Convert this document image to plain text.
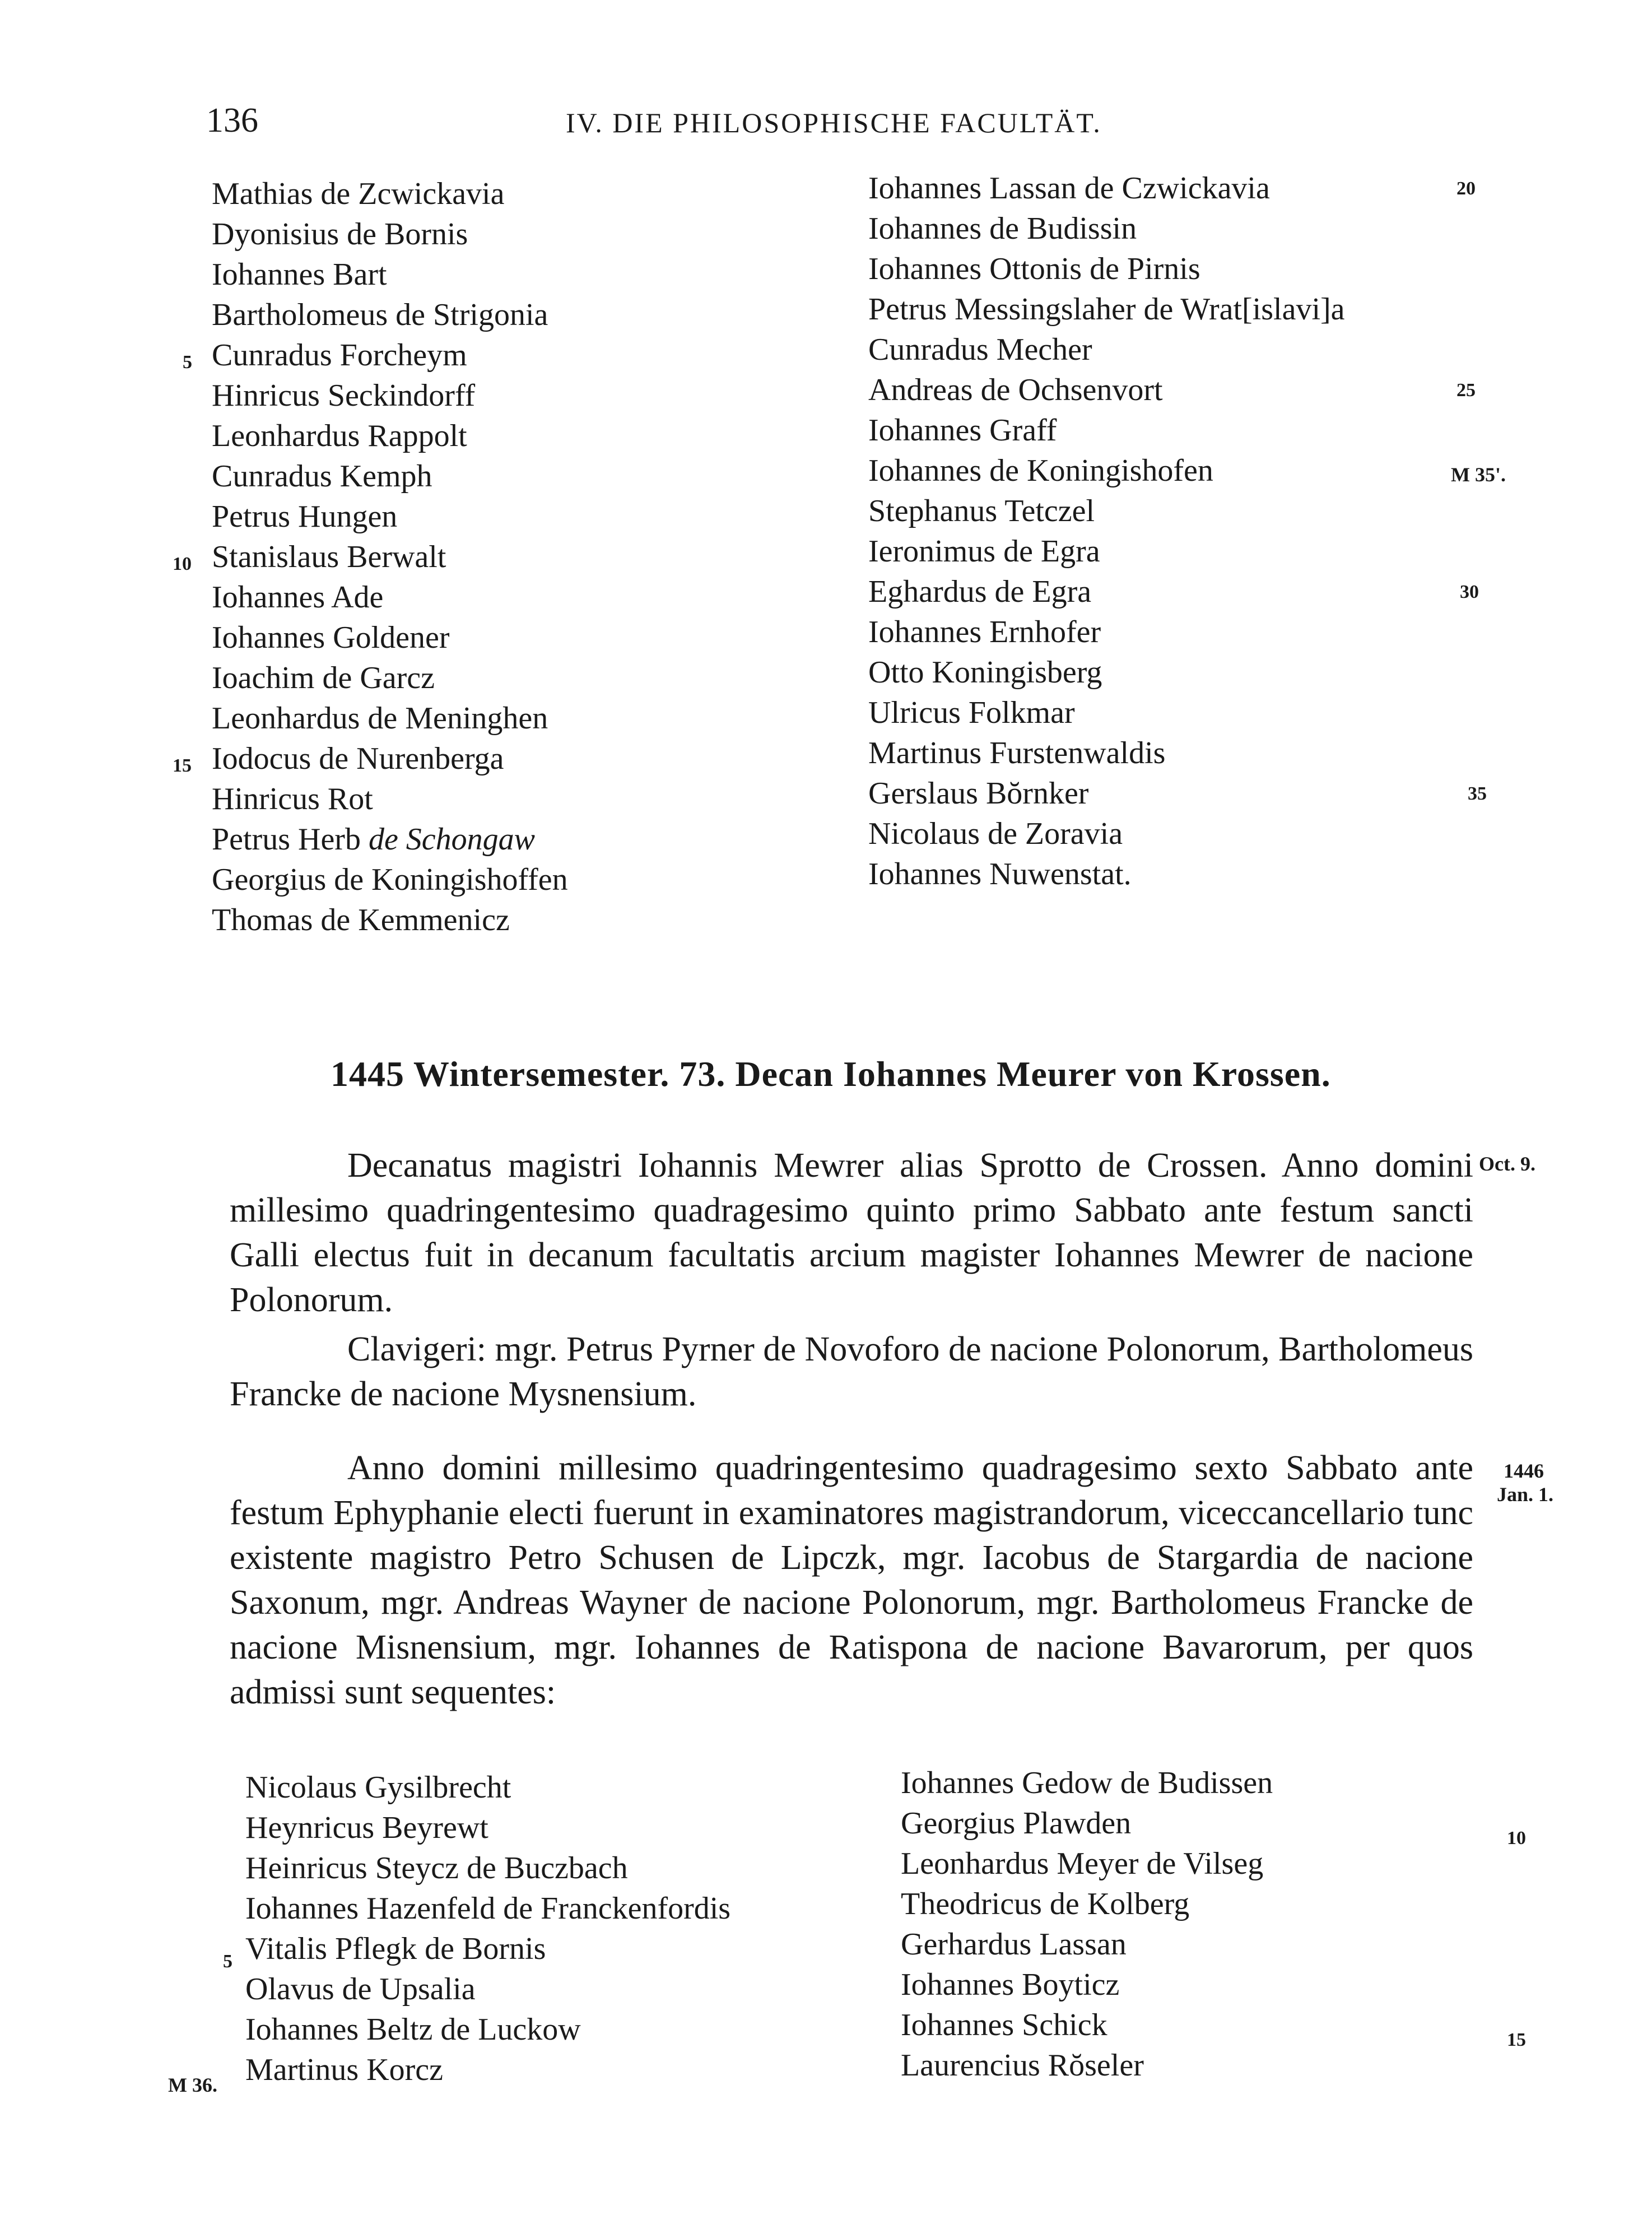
136	IV. DIE PHILOSOPHISCHE FACULTÄT.
Mathias de Zcwickavia
Dyonisius de Bornis
Iohannes Bart
Bartholomeus de Strigonia
Cunradus Forcheym
Hinricus Seckindorff
Leonhardus Rappolt
Cunradus Kemph
Petrus Hungen
Stanislaus Berwalt
Iohannes Ade
Iohannes Goldener
Ioachim de Garcz
Leonhardus de Meninghen
Iodocus de Nurenberga
Hinricus Rot
Petrus Herb de Schongaw
Georgius de Koningishoffen
Thomas de Kemmenicz
5
10
15
Iohannes Lassan de Czwickavia
Iohannes de Budissin
Iohannes Ottonis de Pirnis
Petrus Messingslaher de Wrat[islavi]a
Cunradus Mecher
Andreas de Ochsenvort
Iohannes Graff
Iohannes de Koningishofen
Stephanus Tetczel
Ieronimus de Egra
Eghardus de Egra
Iohannes Ernhofer
Otto Koningisberg
Ulricus Folkmar
Martinus Furstenwaldis
Gerslaus Bŏrnker
Nicolaus de Zoravia
Iohannes Nuwenstat.
20
25
30
35
M 35'.
1445 Wintersemester. 73. Decan Iohannes Meurer von Krossen.

Decanatus magistri Iohannis Mewrer alias Sprotto de Crossen. Anno domini millesimo quadringentesimo quadragesimo quinto primo Sabbato ante festum sancti Galli electus fuit in decanum facultatis arcium magister Iohannes Mewrer de nacione Polonorum.

Oct. 9.

Clavigeri: mgr. Petrus Pyrner de Novoforo de nacione Polonorum, Bartholomeus Francke de nacione Mysnensium.

Anno domini millesimo quadringentesimo quadragesimo sexto Sabbato ante festum Ephyphanie electi fuerunt in examinatores magistrandorum, viceccancellario tunc existente magistro Petro Schusen de Lipczk, mgr. Iacobus de Stargardia de nacione Saxonum, mgr. Andreas Wayner de nacione Polonorum, mgr. Bartholomeus Francke de nacione Misnensium, mgr. Iohannes de Ratispona de nacione Bavarorum, per quos admissi sunt sequentes:

1446
Jan. 1.
Nicolaus Gysilbrecht
Heynricus Beyrewt
Heinricus Steycz de Buczbach
Iohannes Hazenfeld de Franckenfordis
Vitalis Pflegk de Bornis
Olavus de Upsalia
Iohannes Beltz de Luckow
Martinus Korcz
5
M 36.
Iohannes Gedow de Budissen
Georgius Plawden
Leonhardus Meyer de Vilseg
Theodricus de Kolberg
Gerhardus Lassan
Iohannes Boyticz
Iohannes Schick
Laurencius Rŏseler
10
15
